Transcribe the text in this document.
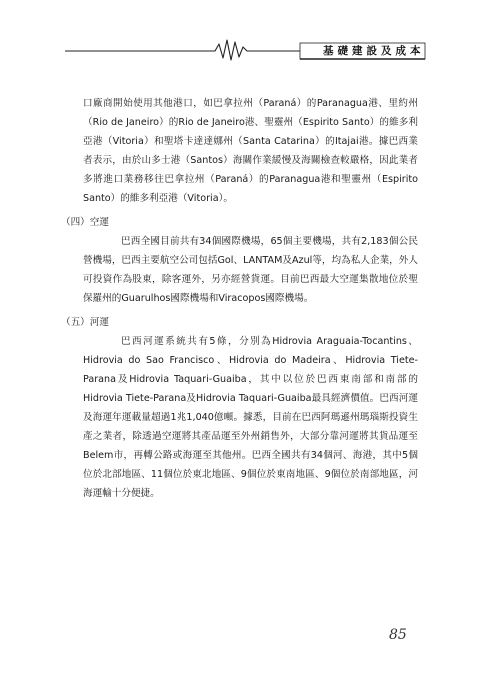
基礎建設及成本

口廠商開始使用其他港口，如巴拿拉州（Paraná）的Paranagua港、里約州（Rio de Janeiro）的Rio de Janeiro港、聖靈州（Espirito Santo）的維多利亞港（Vitoria）和聖塔卡達達娜州（Santa Catarina）的Itajai港。據巴西業者表示，由於山多士港（Santos）海關作業緩慢及海關檢查較嚴格，因此業者多將進口業務移往巴拿拉州（Paraná）的Paranagua港和聖靈州（Espirito Santo）的維多利亞港（Vitoria）。

（四）空運

巴西全國目前共有34個國際機場，65個主要機場，共有2,183個公民營機場，巴西主要航空公司包括Gol、LANTAM及Azul等，均為私人企業，外人可投資作為股東，除客運外，另亦經營貨運。目前巴西最大空運集散地位於聖保羅州的Guarulhos國際機場和Viracopos國際機場。

（五）河運

巴西河運系統共有5條，分別為Hidrovia Araguaia-Tocantins、Hidrovia do Sao Francisco、Hidrovia do Madeira、Hidrovia Tiete-Parana及Hidrovia Taquari-Guaiba，其中以位於巴西東南部和南部的Hidrovia Tiete-Parana及Hidrovia Taquari-Guaiba最具經濟價值。巴西河運及海運年運載量超過1兆1,040億噸。據悉，目前在巴西阿瑪遜州瑪瑙斯投資生產之業者，除透過空運將其產品運至外州銷售外，大部分靠河運將其貨品運至Belem市，再轉公路或海運至其他州。巴西全國共有34個河、海港，其中5個位於北部地區、11個位於東北地區、9個位於東南地區、9個位於南部地區，河海運輸十分便捷。

85
